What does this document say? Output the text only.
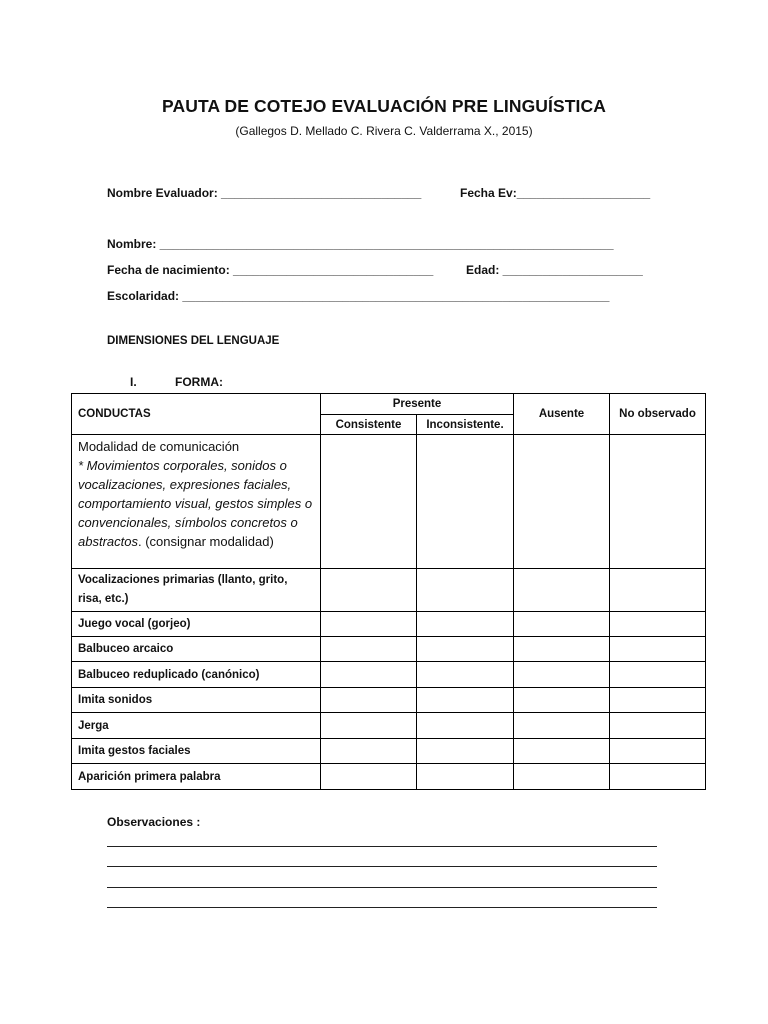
PAUTA DE COTEJO EVALUACIÓN PRE LINGUÍSTICA
(Gallegos D. Mellado C. Rivera C. Valderrama X., 2015)
Nombre Evaluador: ______________________________	Fecha Ev:____________________
Nombre: ____________________________________________________________________
Fecha de nacimiento: ______________________________	Edad: _____________________
Escolaridad: ________________________________________________________________
DIMENSIONES DEL LENGUAJE
I.	FORMA:
CONDUCTAS	Presente		Ausente	No observado
	Consistente	Inconsistente.		

Modalidad de comunicación
* Movimientos corporales, sonidos o vocalizaciones, expresiones faciales, comportamiento visual, gestos simples o convencionales, símbolos concretos o abstractos. (consignar modalidad)				

Vocalizaciones primarias (llanto, grito, risa, etc.)				
Juego vocal (gorjeo)				
Balbuceo arcaico				
Balbuceo reduplicado (canónico)				
Imita sonidos				
Jerga				
Imita gestos faciales				
Aparición primera palabra				
Observaciones :
